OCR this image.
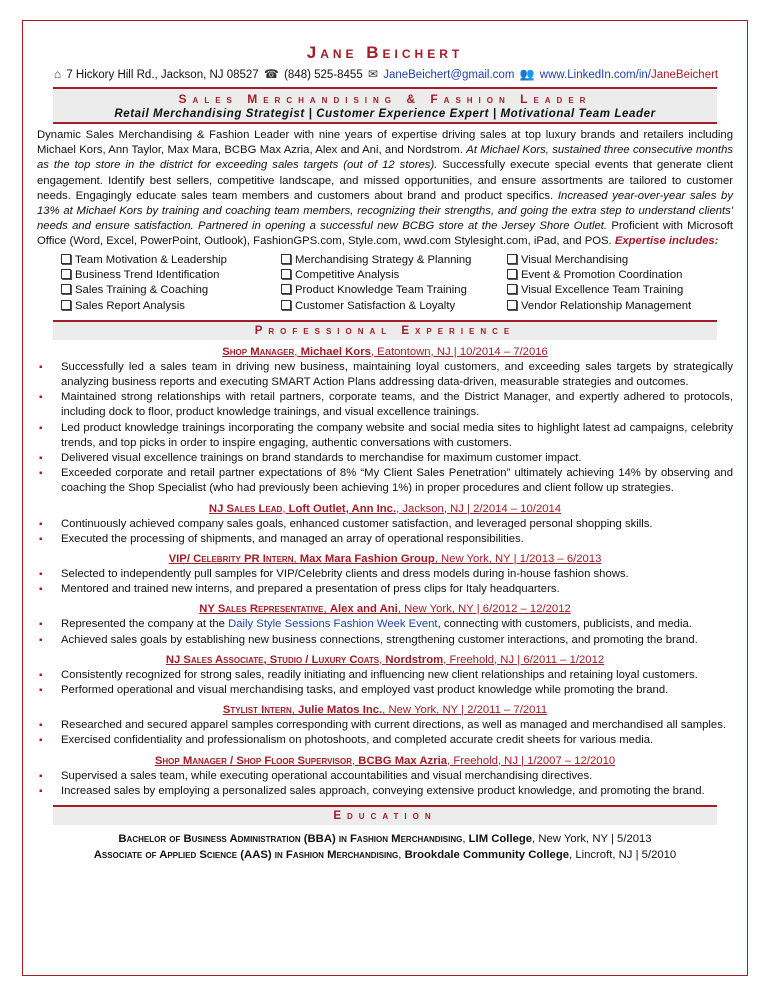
Jane Beichert
⌂ 7 Hickory Hill Rd., Jackson, NJ 08527 ☎ (848) 525-8455 ✉ JaneBeichert@gmail.com 👥 www.LinkedIn.com/in/JaneBeichert
Sales Merchandising & Fashion Leader
Retail Merchandising Strategist | Customer Experience Expert | Motivational Team Leader
Dynamic Sales Merchandising & Fashion Leader with nine years of expertise driving sales at top luxury brands and retailers including Michael Kors, Ann Taylor, Max Mara, BCBG Max Azria, Alex and Ani, and Nordstrom. At Michael Kors, sustained three consecutive months as the top store in the district for exceeding sales targets (out of 12 stores). Successfully execute special events that generate client engagement. Identify best sellers, competitive landscape, and missed opportunities, and ensure assortments are tailored to customer needs. Engagingly educate sales team members and customers about brand and product specifics. Increased year-over-year sales by 13% at Michael Kors by training and coaching team members, recognizing their strengths, and going the extra step to understand clients' needs and ensure satisfaction. Partnered in opening a successful new BCBG store at the Jersey Shore Outlet. Proficient with Microsoft Office (Word, Excel, PowerPoint, Outlook), FashionGPS.com, Style.com, wwd.com Stylesight.com, iPad, and POS. Expertise includes:
Team Motivation & Leadership	Merchandising Strategy & Planning	Visual Merchandising
Business Trend Identification	Competitive Analysis	Event & Promotion Coordination
Sales Training & Coaching	Product Knowledge Team Training	Visual Excellence Team Training
Sales Report Analysis	Customer Satisfaction & Loyalty	Vendor Relationship Management
Professional Experience
Shop Manager, Michael Kors, Eatontown, NJ | 10/2014 – 7/2016
▪ Successfully led a sales team in driving new business, maintaining loyal customers, and exceeding sales targets by strategically analyzing business reports and executing SMART Action Plans addressing data-driven, measurable strategies and outcomes.
▪ Maintained strong relationships with retail partners, corporate teams, and the District Manager, and expertly adhered to protocols, including dock to floor, product knowledge trainings, and visual excellence trainings.
▪ Led product knowledge trainings incorporating the company website and social media sites to highlight latest ad campaigns, celebrity trends, and top picks in order to inspire engaging, authentic conversations with customers.
▪ Delivered visual excellence trainings on brand standards to merchandise for maximum customer impact.
▪ Exceeded corporate and retail partner expectations of 8% “My Client Sales Penetration” ultimately achieving 14% by observing and coaching the Shop Specialist (who had previously been achieving 1%) in proper procedures and client follow up strategies.
NJ Sales Lead, Loft Outlet, Ann Inc., Jackson, NJ | 2/2014 – 10/2014
▪ Continuously achieved company sales goals, enhanced customer satisfaction, and leveraged personal shopping skills.
▪ Executed the processing of shipments, and managed an array of operational responsibilities.
VIP/ Celebrity PR Intern, Max Mara Fashion Group, New York, NY | 1/2013 – 6/2013
▪ Selected to independently pull samples for VIP/Celebrity clients and dress models during in-house fashion shows.
▪ Mentored and trained new interns, and prepared a presentation of press clips for Italy headquarters.
NY Sales Representative, Alex and Ani, New York, NY | 6/2012 – 12/2012
▪ Represented the company at the Daily Style Sessions Fashion Week Event, connecting with customers, publicists, and media.
▪ Achieved sales goals by establishing new business connections, strengthening customer interactions, and promoting the brand.
NJ Sales Associate, Studio / Luxury Coats, Nordstrom, Freehold, NJ | 6/2011 – 1/2012
▪ Consistently recognized for strong sales, readily initiating and influencing new client relationships and retaining loyal customers.
▪ Performed operational and visual merchandising tasks, and employed vast product knowledge while promoting the brand.
Stylist Intern, Julie Matos Inc., New York, NY | 2/2011 – 7/2011
▪ Researched and secured apparel samples corresponding with current directions, as well as managed and merchandised all samples.
▪ Exercised confidentiality and professionalism on photoshoots, and completed accurate credit sheets for various media.
Shop Manager / Shop Floor Supervisor, BCBG Max Azria, Freehold, NJ | 1/2007 – 12/2010
▪ Supervised a sales team, while executing operational accountabilities and visual merchandising directives.
▪ Increased sales by employing a personalized sales approach, conveying extensive product knowledge, and promoting the brand.
Education
Bachelor of Business Administration (BBA) in Fashion Merchandising, LIM College, New York, NY | 5/2013
Associate of Applied Science (AAS) in Fashion Merchandising, Brookdale Community College, Lincroft, NJ | 5/2010
